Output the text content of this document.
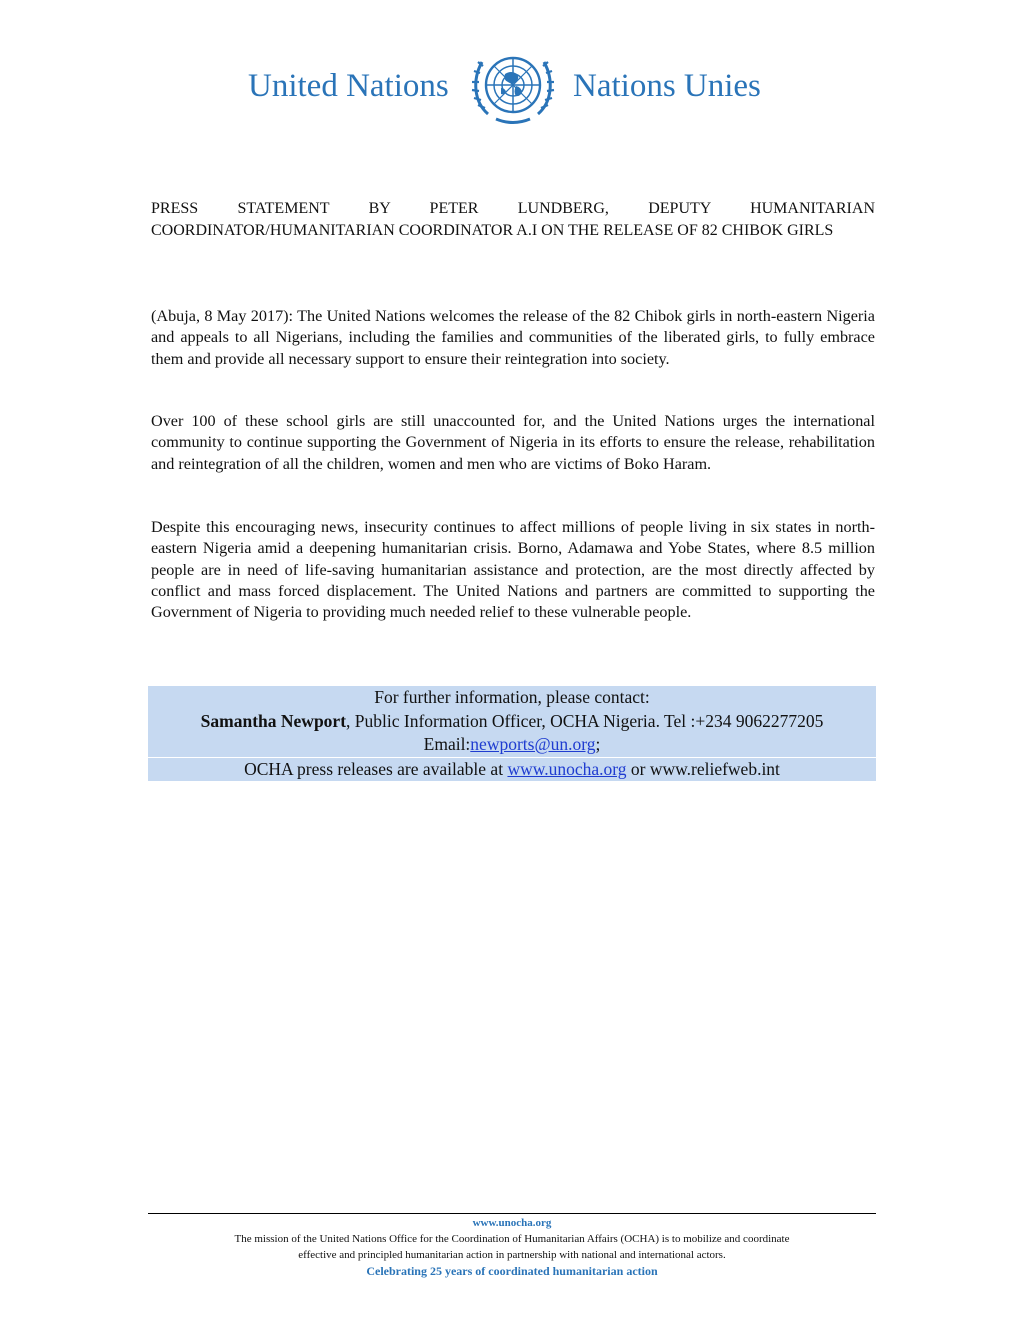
United Nations	Nations Unies
PRESS STATEMENT BY PETER LUNDBERG, DEPUTY HUMANITARIAN COORDINATOR/HUMANITARIAN COORDINATOR A.I ON THE RELEASE OF 82 CHIBOK GIRLS

(Abuja, 8 May 2017): The United Nations welcomes the release of the 82 Chibok girls in north-eastern Nigeria and appeals to all Nigerians, including the families and communities of the liberated girls, to fully embrace them and provide all necessary support to ensure their reintegration into society.

Over 100 of these school girls are still unaccounted for, and the United Nations urges the international community to continue supporting the Government of Nigeria in its efforts to ensure the release, rehabilitation and reintegration of all the children, women and men who are victims of Boko Haram.

Despite this encouraging news, insecurity continues to affect millions of people living in six states in north-eastern Nigeria amid a deepening humanitarian crisis. Borno, Adamawa and Yobe States, where 8.5 million people are in need of life-saving humanitarian assistance and protection, are the most directly affected by conflict and mass forced displacement. The United Nations and partners are committed to supporting the Government of Nigeria to providing much needed relief to these vulnerable people.

For further information, please contact:
Samantha Newport, Public Information Officer, OCHA Nigeria. Tel :+234 9062277205
Email:newports@un.org;
OCHA press releases are available at www.unocha.org or www.reliefweb.int
www.unocha.org
The mission of the United Nations Office for the Coordination of Humanitarian Affairs (OCHA) is to mobilize and coordinate
effective and principled humanitarian action in partnership with national and international actors.
Celebrating 25 years of coordinated humanitarian action
